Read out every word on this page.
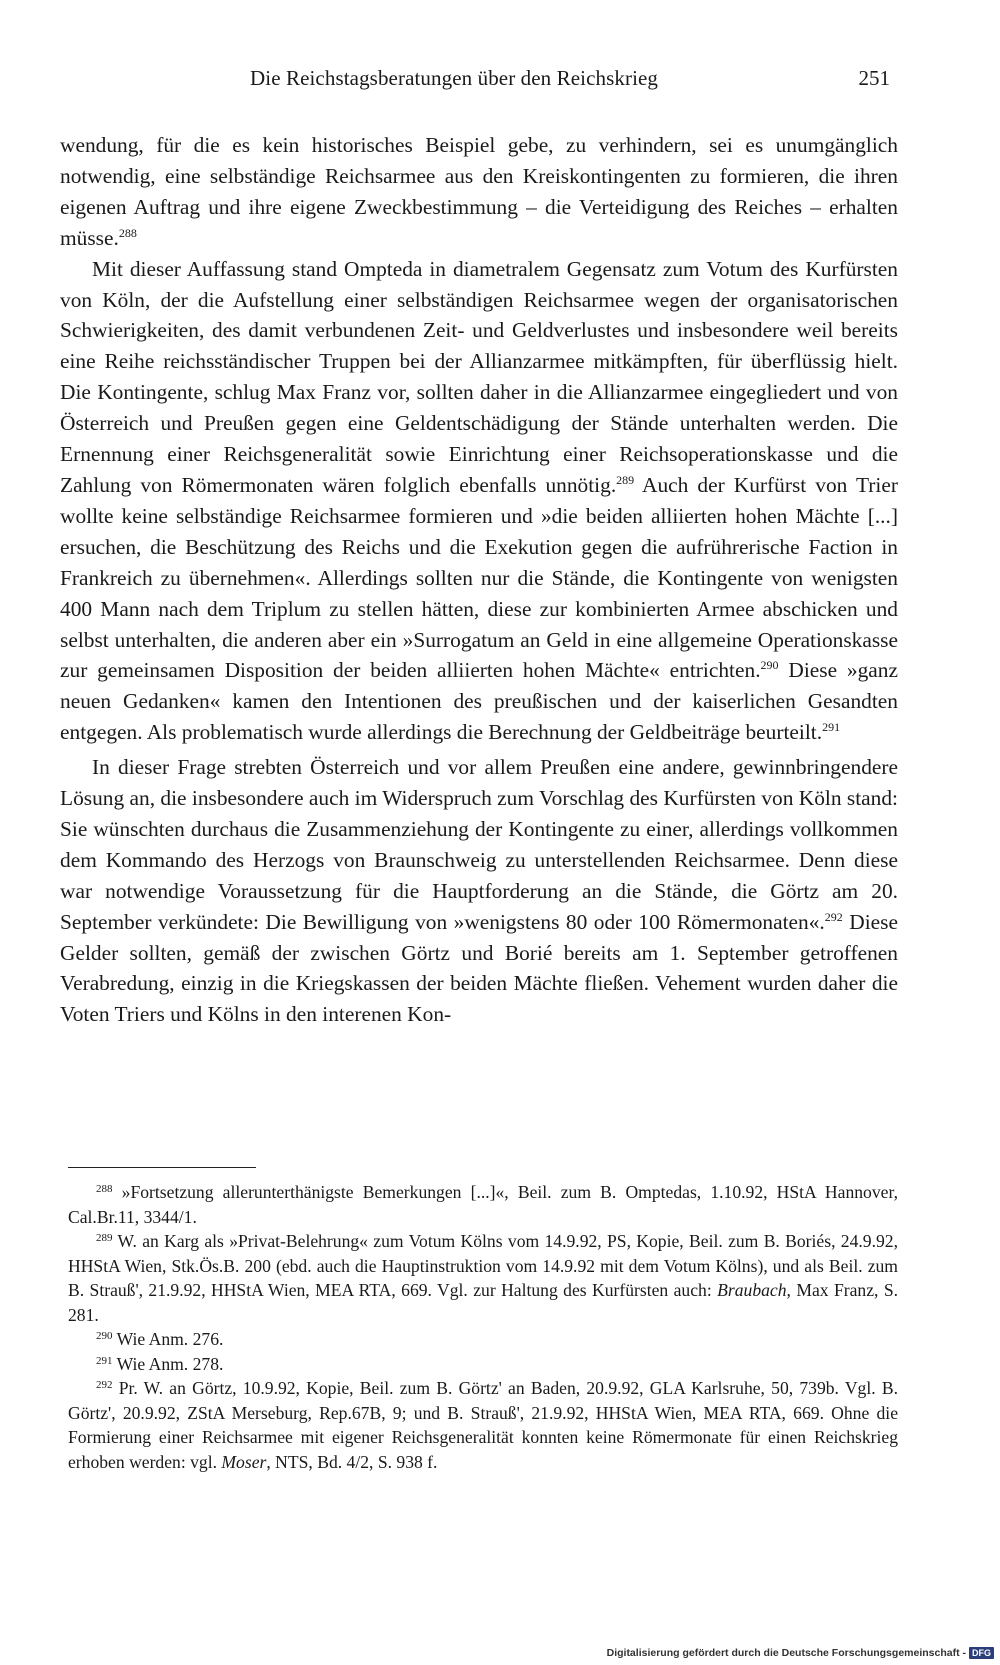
Die Reichstagsberatungen über den Reichskrieg	251

wendung, für die es kein historisches Beispiel gebe, zu verhindern, sei es unumgänglich notwendig, eine selbständige Reichsarmee aus den Kreiskontingenten zu formieren, die ihren eigenen Auftrag und ihre eigene Zweckbestimmung – die Verteidigung des Reiches – erhalten müsse.$^{288}$

Mit dieser Auffassung stand Ompteda in diametralem Gegensatz zum Votum des Kurfürsten von Köln, der die Aufstellung einer selbständigen Reichsarmee wegen der organisatorischen Schwierigkeiten, des damit verbundenen Zeit- und Geldverlustes und insbesondere weil bereits eine Reihe reichsständischer Truppen bei der Allianzarmee mitkämpften, für überflüssig hielt. Die Kontingente, schlug Max Franz vor, sollten daher in die Allianzarmee eingegliedert und von Österreich und Preußen gegen eine Geldentschädigung der Stände unterhalten werden. Die Ernennung einer Reichsgeneralität sowie Einrichtung einer Reichsoperationskasse und die Zahlung von Römermonaten wären folglich ebenfalls unnötig.$^{289}$ Auch der Kurfürst von Trier wollte keine selbständige Reichsarmee formieren und »die beiden alliierten hohen Mächte [...] ersuchen, die Beschützung des Reichs und die Exekution gegen die aufrührerische Faction in Frankreich zu übernehmen«. Allerdings sollten nur die Stände, die Kontingente von wenigsten 400 Mann nach dem Triplum zu stellen hätten, diese zur kombinierten Armee abschicken und selbst unterhalten, die anderen aber ein »Surrogatum an Geld in eine allgemeine Operationskasse zur gemeinsamen Disposition der beiden alliierten hohen Mächte« entrichten.$^{290}$ Diese »ganz neuen Gedanken« kamen den Intentionen des preußischen und der kaiserlichen Gesandten entgegen. Als problematisch wurde allerdings die Berechnung der Geldbeiträge beurteilt.$^{291}$

In dieser Frage strebten Österreich und vor allem Preußen eine andere, gewinnbringendere Lösung an, die insbesondere auch im Widerspruch zum Vorschlag des Kurfürsten von Köln stand: Sie wünschten durchaus die Zusammenziehung der Kontingente zu einer, allerdings vollkommen dem Kommando des Herzogs von Braunschweig zu unterstellenden Reichsarmee. Denn diese war notwendige Voraussetzung für die Hauptforderung an die Stände, die Görtz am 20. September verkündete: Die Bewilligung von »wenigstens 80 oder 100 Römermonaten«.$^{292}$ Diese Gelder sollten, gemäß der zwischen Görtz und Borié bereits am 1. September getroffenen Verabredung, einzig in die Kriegskassen der beiden Mächte fließen. Vehement wurden daher die Voten Triers und Kölns in den interenen Kon-

$^{288}$ »Fortsetzung allerunterthänigste Bemerkungen [...]«, Beil. zum B. Omptedas, 1.10.92, HStA Hannover, Cal.Br.11, 3344/1.

$^{289}$ W. an Karg als »Privat-Belehrung« zum Votum Kölns vom 14.9.92, PS, Kopie, Beil. zum B. Boriés, 24.9.92, HHStA Wien, Stk.Ös.B. 200 (ebd. auch die Hauptinstruktion vom 14.9.92 mit dem Votum Kölns), und als Beil. zum B. Strauß', 21.9.92, HHStA Wien, MEA RTA, 669. Vgl. zur Haltung des Kurfürsten auch: Braubach, Max Franz, S. 281.

$^{290}$ Wie Anm. 276.

$^{291}$ Wie Anm. 278.

$^{292}$ Pr. W. an Görtz, 10.9.92, Kopie, Beil. zum B. Görtz' an Baden, 20.9.92, GLA Karlsruhe, 50, 739b. Vgl. B. Görtz', 20.9.92, ZStA Merseburg, Rep.67B, 9; und B. Strauß', 21.9.92, HHStA Wien, MEA RTA, 669. Ohne die Formierung einer Reichsarmee mit eigener Reichsgeneralität konnten keine Römermonate für einen Reichskrieg erhoben werden: vgl. Moser, NTS, Bd. 4/2, S. 938 f.

Digitalisierung gefördert durch die Deutsche Forschungsgemeinschaft - DFG
